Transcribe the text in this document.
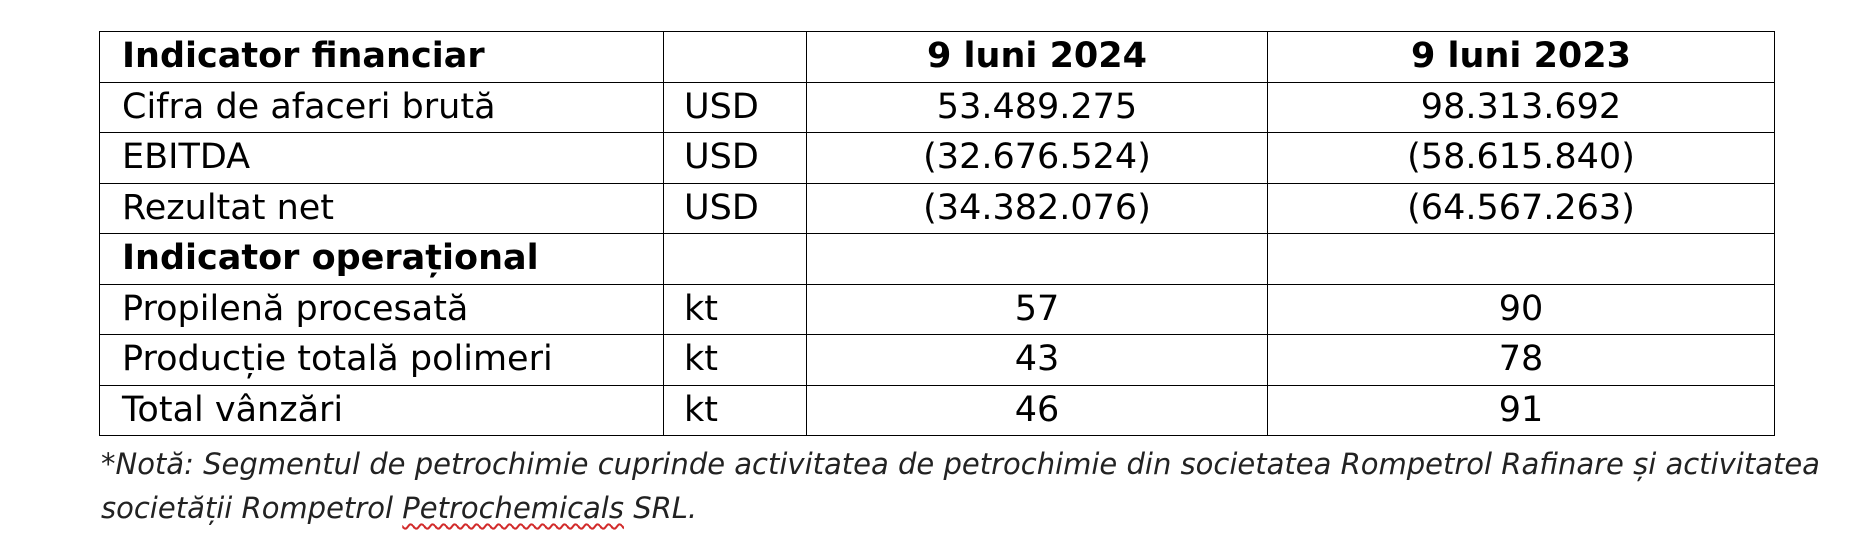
Indicator financiar		9 luni 2024	9 luni 2023
Cifra de afaceri brută	USD	53.489.275	98.313.692
EBITDA	USD	(32.676.524)	(58.615.840)
Rezultat net	USD	(34.382.076)	(64.567.263)
Indicator operațional			
Propilenă procesată	kt	57	90
Producție totală polimeri	kt	43	78
Total vânzări	kt	46	91
*Notă: Segmentul de petrochimie cuprinde activitatea de petrochimie din societatea Rompetrol Rafinare și activitatea
societății Rompetrol Petrochemicals SRL.
